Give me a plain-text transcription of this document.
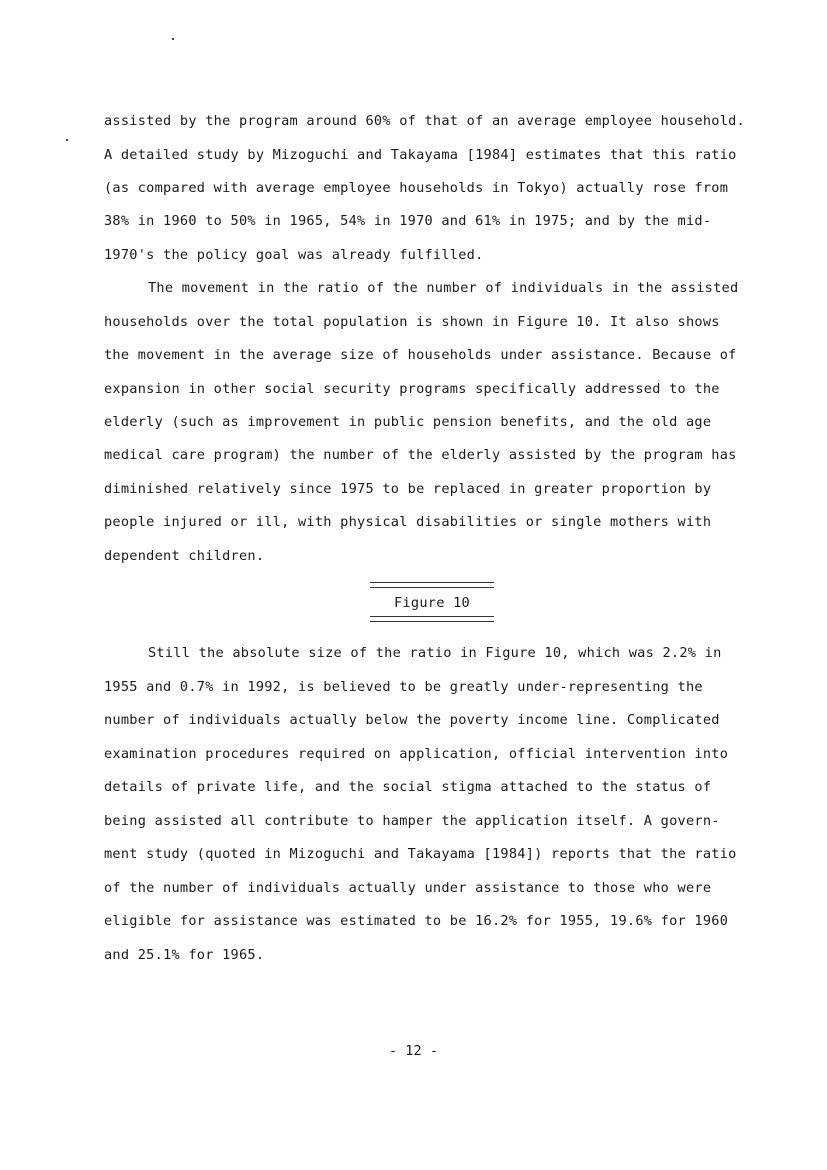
assisted by the program around 60% of that of an average employee household.
A detailed study by Mizoguchi and Takayama [1984] estimates that this ratio
(as compared with average employee households in Tokyo) actually rose from
38% in 1960 to 50% in 1965, 54% in 1970 and 61% in 1975; and by the mid-
1970's the policy goal was already fulfilled.
The movement in the ratio of the number of individuals in the assisted
households over the total population is shown in Figure 10. It also shows
the movement in the average size of households under assistance. Because of
expansion in other social security programs specifically addressed to the
elderly (such as improvement in public pension benefits, and the old age
medical care program) the number of the elderly assisted by the program has
diminished relatively since 1975 to be replaced in greater proportion by
people injured or ill, with physical disabilities or single mothers with
dependent children.
Figure 10
Still the absolute size of the ratio in Figure 10, which was 2.2% in
1955 and 0.7% in 1992, is believed to be greatly under-representing the
number of individuals actually below the poverty income line. Complicated
examination procedures required on application, official intervention into
details of private life, and the social stigma attached to the status of
being assisted all contribute to hamper the application itself. A govern-
ment study (quoted in Mizoguchi and Takayama [1984]) reports that the ratio
of the number of individuals actually under assistance to those who were
eligible for assistance was estimated to be 16.2% for 1955, 19.6% for 1960
and 25.1% for 1965.
- 12 -
